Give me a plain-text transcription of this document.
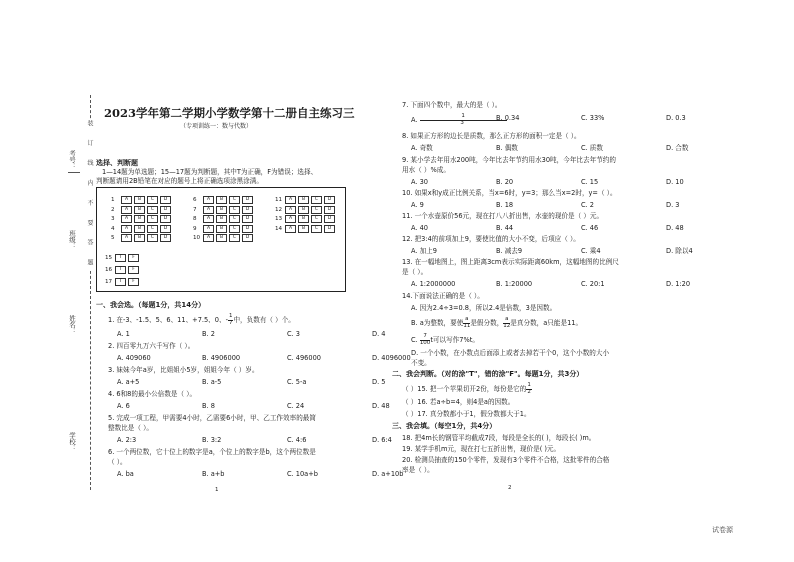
考号：
班级：
姓名：
学校：
装 订 线 内 不 要 答 题
2023学年第二学期小学数学第十二册自主练习三
（专项训练一：数与代数）
选择、判断题
1—14题为单选题；15—17题为判断题，其中T为正确，F为错误；选择、
判断题请用2B铅笔在对应的题号上将正确选项涂黑涂满。
1	A	B	C	D
2	A	B	C	D
3	A	B	C	D
4	A	B	C	D
5	A	B	C	D
6	A	B	C	D
7	A	B	C	D
8	A	B	C	D
9	A	B	C	D
10	A	B	C	D
11	A	B	C	D
12	A	B	C	D
13	A	B	C	D
14	A	B	C	D
15	T	F
16	T	F
17	T	F
一、我会选。（每题1分，共14分）
1. 在-3、-1.5、5、6、11、+7.5、0、- $\frac{1}{7}$中，负数有（ ）个。
A. 1	B. 2	C. 3	D. 4
2. 四百零九万六千写作（ ）。
A. 409060	B. 4906000	C. 496000	D. 4096000
3. 妹妹今年a岁，比姐姐小5岁，姐姐今年（ ）岁。
A. a+5	B. a-5	C. 5-a	D. 5
4. 6和8的最小公倍数是（ ）。
A. 6	B. 8	C. 24	D. 48
5. 完成一项工程，甲需要4小时，乙需要6小时，甲、乙工作效率的最简
整数比是（ ）。
A. 2:3	B. 3:2	C. 4:6	D. 6:4
6. 一个两位数，它十位上的数字是a，个位上的数字是b，这个两位数是
（ ）。
A. ba	B. a+b	C. 10a+b	D. a+10b
1
7. 下面四个数中，最大的是（ ）。
A. $\frac{1}{3}$
B. 0.34	C. 33%	D. 0.3
8. 如果正方形的边长是质数，那么正方形的面积一定是（ ）。
A. 奇数	B. 偶数	C. 质数	D. 合数
9. 某小学去年用水200吨，今年比去年节约用水30吨，今年比去年节约的
用水（ ）%成。
A. 30	B. 20	C. 15	D. 10
10. 如果x和y成正比例关系，当x=6时，y=3；那么当x=2时，y=（ ）。
A. 9	B. 18	C. 2	D. 3
11. 一个水壶原价56元，现在打八八折出售，水壶的现价是（ ）元。
A. 40	B. 44	C. 46	D. 48
12. 把3:4的前项加上9，要使比值的大小不变，后项应（ ）。
A. 加上9	B. 减去9	C. 乘4	D. 除以4
13. 在一幅地图上，图上距离3cm表示实际距离60km，这幅地图的比例尺
是（ ）。
A. 1:2000000	B. 1:20000	C. 20:1	D. 1:20
14.下面说法正确的是（ ）。
A. 因为2.4÷3=0.8，所以2.4是倍数，3是因数。
B. a为整数，要使 $\frac{a}{11}$是假分数， $\frac{a}{12}$是真分数，a只能是11。
C. $\frac{7}{100}t$可以写作7%t。
D. 一个小数，在小数点后面添上或者去掉若干个0，这个小数的大小
不变。
二、我会判断。（对的涂"T"，错的涂"F"。每题1分，共3分）
（ ）15. 把一个苹果切开2份，每份是它的 $\frac{1}{2}$
（ ）16. 若a÷b=4，则4是a的因数。
（ ）17. 真分数都小于1，假分数都大于1。
三、我会填。（每空1分，共4分）
18. 把4m长的钢管平均截成7段，每段是全长的( )，每段长( )m。
19. 某学手机m元，现在打七五折出售，现价是( )元。
20. 检测员抽查的150个零件，发现有3个零件不合格，这批零件的合格
率是（ ）。
2
试卷源
